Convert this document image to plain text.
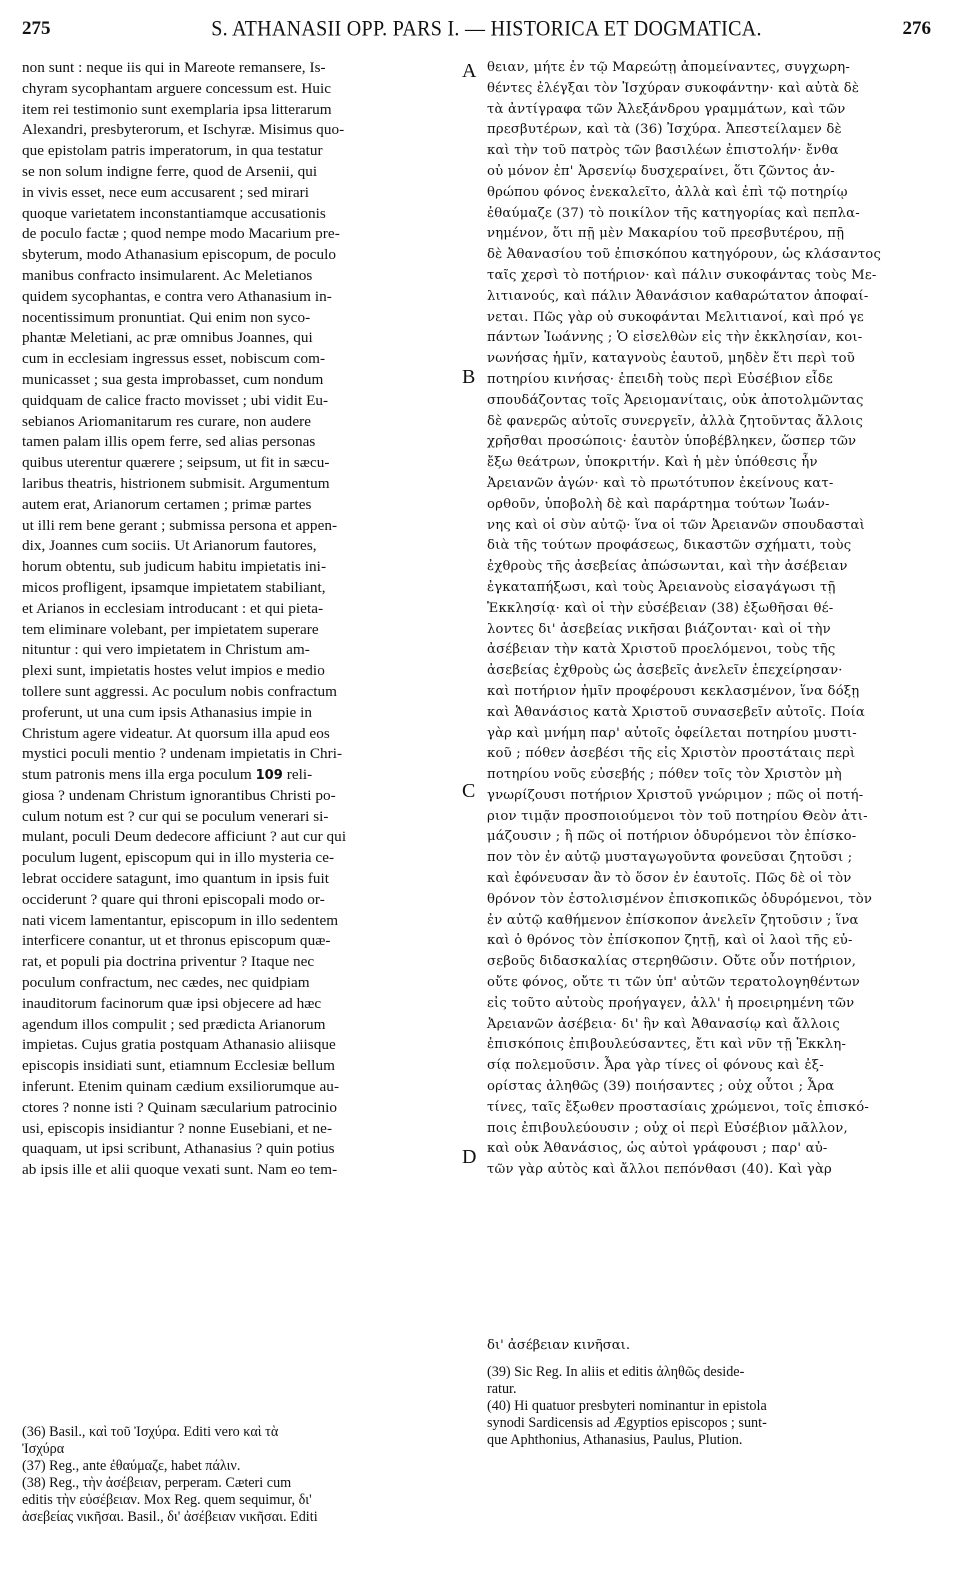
275	S. ATHANASII OPP. PARS I. — HISTORICA ET DOGMATICA.	276
non sunt : neque iis qui in Mareote remansere, Is-
chyram sycophantam arguere concessum est. Huic
item rei testimonio sunt exemplaria ipsa litterarum
Alexandri, presbyterorum, et Ischyræ. Misimus quo-
que epistolam patris imperatorum, in qua testatur
se non solum indigne ferre, quod de Arsenii, qui
in vivis esset, nece eum accusarent ; sed mirari
quoque varietatem inconstantiamque accusationis
de poculo factæ ; quod nempe modo Macarium pre-
sbyterum, modo Athanasium episcopum, de poculo
manibus confracto insimularent. Ac Meletianos
quidem sycophantas, e contra vero Athanasium in-
nocentissimum pronuntiat. Qui enim non syco-
phantæ Meletiani, ac præ omnibus Joannes, qui
cum in ecclesiam ingressus esset, nobiscum com-
municasset ; sua gesta improbasset, cum nondum
quidquam de calice fracto movisset ; ubi vidit Eu-
sebianos Ariomanitarum res curare, non audere
tamen palam illis opem ferre, sed alias personas
quibus uterentur quærere ; seipsum, ut fit in sæcu-
laribus theatris, histrionem submisit. Argumentum
autem erat, Arianorum certamen ; primæ partes
ut illi rem bene gerant ; submissa persona et appen-
dix, Joannes cum sociis. Ut Arianorum fautores,
horum obtentu, sub judicum habitu impietatis ini-
micos profligent, ipsamque impietatem stabiliant,
et Arianos in ecclesiam introducant : et qui pieta-
tem eliminare volebant, per impietatem superare
nituntur : qui vero impietatem in Christum am-
plexi sunt, impietatis hostes velut impios e medio
tollere sunt aggressi. Ac poculum nobis confractum
proferunt, ut una cum ipsis Athanasius impie in
Christum agere videatur. At quorsum illa apud eos
mystici poculi mentio ? undenam impietatis in Chri-
stum patronis mens illa erga poculum 109 reli-
giosa ? undenam Christum ignorantibus Christi po-
culum notum est ? cur qui se poculum venerari si-
mulant, poculi Deum dedecore afficiunt ? aut cur qui
poculum lugent, episcopum qui in illo mysteria ce-
lebrat occidere satagunt, imo quantum in ipsis fuit
occiderunt ? quare qui throni episcopali modo or-
nati vicem lamentantur, episcopum in illo sedentem
interficere conantur, ut et thronus episcopum quæ-
rat, et populi pia doctrina priventur ? Itaque nec
poculum confractum, nec cædes, nec quidpiam
inauditorum facinorum quæ ipsi objecere ad hæc
agendum illos compulit ; sed prædicta Arianorum
impietas. Cujus gratia postquam Athanasio aliisque
episcopis insidiati sunt, etiamnum Ecclesiæ bellum
inferunt. Etenim quinam cædium exsiliorumque au-
ctores ? nonne isti ? Quinam sæcularium patrocinio
usi, episcopis insidiantur ? nonne Eusebiani, et ne-
quaquam, ut ipsi scribunt, Athanasius ? quin potius
ab ipsis ille et alii quoque vexati sunt. Nam eo tem-
θειαν, μήτε ἐν τῷ Μαρεώτῃ ἀπομείναντες, συγχωρη-
θέντες ἐλέγξαι τὸν Ἰσχύραν συκοφάντην· καὶ αὐτὰ δὲ
τὰ ἀντίγραφα τῶν Ἀλεξάνδρου γραμμάτων, καὶ τῶν
πρεσβυτέρων, καὶ τὰ (36) Ἰσχύρα. Ἀπεστείλαμεν δὲ
καὶ τὴν τοῦ πατρὸς τῶν βασιλέων ἐπιστολήν· ἔνθα
οὐ μόνον ἐπ' Ἀρσενίῳ δυσχεραίνει, ὅτι ζῶντος ἀν-
θρώπου φόνος ἐνεκαλεῖτο, ἀλλὰ καὶ ἐπὶ τῷ ποτηρίῳ
ἐθαύμαζε (37) τὸ ποικίλον τῆς κατηγορίας καὶ πεπλα-
νημένον, ὅτι πῇ μὲν Μακαρίου τοῦ πρεσβυτέρου, πῇ
δὲ Ἀθανασίου τοῦ ἐπισκόπου κατηγόρουν, ὡς κλάσαντος
ταῖς χερσὶ τὸ ποτήριον· καὶ πάλιν συκοφάντας τοὺς Με-
λιτιανούς, καὶ πάλιν Ἀθανάσιον καθαρώτατον ἀποφαί-
νεται. Πῶς γὰρ οὐ συκοφάνται Μελιτιανοί, καὶ πρό γε
πάντων Ἰωάννης ; Ὁ εἰσελθὼν εἰς τὴν ἐκκλησίαν, κοι-
νωνήσας ἡμῖν, καταγνοὺς ἑαυτοῦ, μηδὲν ἔτι περὶ τοῦ
ποτηρίου κινήσας· ἐπειδὴ τοὺς περὶ Εὐσέβιον εἶδε
σπουδάζοντας τοῖς Ἀρειομανίταις, οὐκ ἀποτολμῶντας
δὲ φανερῶς αὐτοῖς συνεργεῖν, ἀλλὰ ζητοῦντας ἄλλοις
χρῆσθαι προσώποις· ἑαυτὸν ὑποβέβληκεν, ὥσπερ τῶν
ἔξω θεάτρων, ὑποκριτήν. Καὶ ἡ μὲν ὑπόθεσις ἦν
Ἀρειανῶν ἀγών· καὶ τὸ πρωτότυπον ἐκείνους κατ-
ορθοῦν, ὑποβολὴ δὲ καὶ παράρτημα τούτων Ἰωάν-
νης καὶ οἱ σὺν αὐτῷ· ἵνα οἱ τῶν Ἀρειανῶν σπουδασταὶ
διὰ τῆς τούτων προφάσεως, δικαστῶν σχήματι, τοὺς
ἐχθροὺς τῆς ἀσεβείας ἀπώσωνται, καὶ τὴν ἀσέβειαν
ἐγκαταπήξωσι, καὶ τοὺς Ἀρειανοὺς εἰσαγάγωσι τῇ
Ἐκκλησίᾳ· καὶ οἱ τὴν εὐσέβειαν (38) ἐξωθῆσαι θέ-
λοντες δι' ἀσεβείας νικῆσαι βιάζονται· καὶ οἱ τὴν
ἀσέβειαν τὴν κατὰ Χριστοῦ προελόμενοι, τοὺς τῆς
ἀσεβείας ἐχθροὺς ὡς ἀσεβεῖς ἀνελεῖν ἐπεχείρησαν·
καὶ ποτήριον ἡμῖν προφέρουσι κεκλασμένον, ἵνα δόξῃ
καὶ Ἀθανάσιος κατὰ Χριστοῦ συνασεβεῖν αὐτοῖς. Ποία
γὰρ καὶ μνήμη παρ' αὐτοῖς ὀφείλεται ποτηρίου μυστι-
κοῦ ; πόθεν ἀσεβέσι τῆς εἰς Χριστὸν προστάταις περὶ
ποτηρίου νοῦς εὐσεβής ; πόθεν τοῖς τὸν Χριστὸν μὴ
γνωρίζουσι ποτήριον Χριστοῦ γνώριμον ; πῶς οἱ ποτή-
ριον τιμᾷν προσποιούμενοι τὸν τοῦ ποτηρίου Θεὸν ἀτι-
μάζουσιν ; ἢ πῶς οἱ ποτήριον ὀδυρόμενοι τὸν ἐπίσκο-
πον τὸν ἐν αὐτῷ μυσταγωγοῦντα φονεῦσαι ζητοῦσι ;
καὶ ἐφόνευσαν ἂν τὸ ὅσον ἐν ἑαυτοῖς. Πῶς δὲ οἱ τὸν
θρόνον τὸν ἐστολισμένον ἐπισκοπικῶς ὀδυρόμενοι, τὸν
ἐν αὐτῷ καθήμενον ἐπίσκοπον ἀνελεῖν ζητοῦσιν ; ἵνα
καὶ ὁ θρόνος τὸν ἐπίσκοπον ζητῇ, καὶ οἱ λαοὶ τῆς εὐ-
σεβοῦς διδασκαλίας στερηθῶσιν. Οὔτε οὖν ποτήριον,
οὔτε φόνος, οὔτε τι τῶν ὑπ' αὐτῶν τερατολογηθέντων
εἰς τοῦτο αὐτοὺς προήγαγεν, ἀλλ' ἡ προειρημένη τῶν
Ἀρειανῶν ἀσέβεια· δι' ἣν καὶ Ἀθανασίῳ καὶ ἄλλοις
ἐπισκόποις ἐπιβουλεύσαντες, ἔτι καὶ νῦν τῇ Ἐκκλη-
σίᾳ πολεμοῦσιν. Ἆρα γὰρ τίνες οἱ φόνους καὶ ἐξ-
ορίστας ἀληθῶς (39) ποιήσαντες ; οὐχ οὗτοι ; Ἆρα
τίνες, ταῖς ἔξωθεν προστασίαις χρώμενοι, τοῖς ἐπισκό-
ποις ἐπιβουλεύουσιν ; οὐχ οἱ περὶ Εὐσέβιον μᾶλλον,
καὶ οὐκ Ἀθανάσιος, ὡς αὐτοὶ γράφουσι ; παρ' αὐ-
τῶν γὰρ αὐτὸς καὶ ἄλλοι πεπόνθασι (40). Καὶ γὰρ
A
B
C
D
δι' ἀσέβειαν κινῆσαι.
(36) Basil., καὶ τοῦ Ἰσχύρα. Editi vero καὶ τὰ
Ἰσχύρα
(37) Reg., ante ἐθαύμαζε, habet πάλιν.
(38) Reg., τὴν ἀσέβειαν, perperam. Cæteri cum
editis τὴν εὐσέβειαν. Mox Reg. quem sequimur, δι'
ἀσεβείας νικῆσαι. Basil., δι' ἀσέβειαν νικῆσαι. Editi
(39) Sic Reg. In aliis et editis ἀληθῶς deside-
ratur.
(40) Hi quatuor presbyteri nominantur in epistola
synodi Sardicensis ad Ægyptios episcopos ; sunt-
que Aphthonius, Athanasius, Paulus, Plution.
